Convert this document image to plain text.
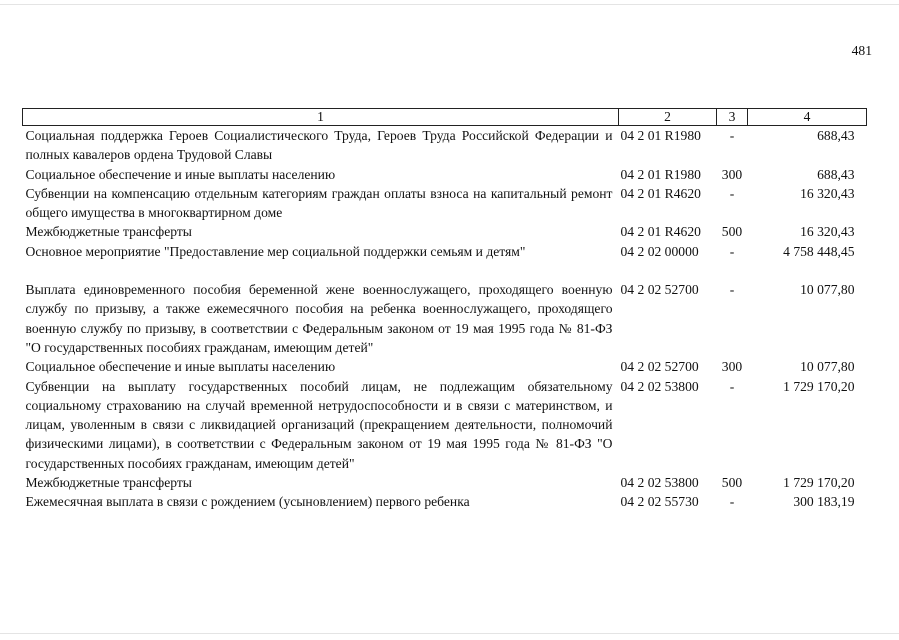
481
1	2	3	4
Социальная поддержка Героев Социалистического Труда, Героев Труда Российской Федерации и полных кавалеров ордена Трудовой Славы	04 2 01 R1980	-	688,43
Социальное обеспечение и иные выплаты населению	04 2 01 R1980	300	688,43
Субвенции на компенсацию отдельным категориям граждан оплаты взноса на капитальный ремонт общего имущества в многоквартирном доме	04 2 01 R4620	-	16 320,43
Межбюджетные трансферты	04 2 01 R4620	500	16 320,43
Основное мероприятие "Предоставление мер социальной поддержки семьям и детям"	04 2 02 00000	-	4 758 448,45

Выплата единовременного пособия беременной жене военнослужащего, проходящего военную службу по призыву, а также ежемесячного пособия на ребенка военнослужащего, проходящего военную службу по призыву, в соответствии с Федеральным законом от 19 мая 1995 года № 81-ФЗ "О государственных пособиях гражданам, имеющим детей"	04 2 02 52700	-	10 077,80
Социальное обеспечение и иные выплаты населению	04 2 02 52700	300	10 077,80
Субвенции на выплату государственных пособий лицам, не подлежащим обязательному социальному страхованию на случай временной нетрудоспособности и в связи с материнством, и лицам, уволенным в связи с ликвидацией организаций (прекращением деятельности, полномочий физическими лицами), в соответствии с Федеральным законом от 19 мая 1995 года № 81-ФЗ "О государственных пособиях гражданам, имеющим детей"	04 2 02 53800	-	1 729 170,20
Межбюджетные трансферты	04 2 02 53800	500	1 729 170,20
Ежемесячная выплата в связи с рождением (усыновлением) первого ребенка	04 2 02 55730	-	300 183,19
